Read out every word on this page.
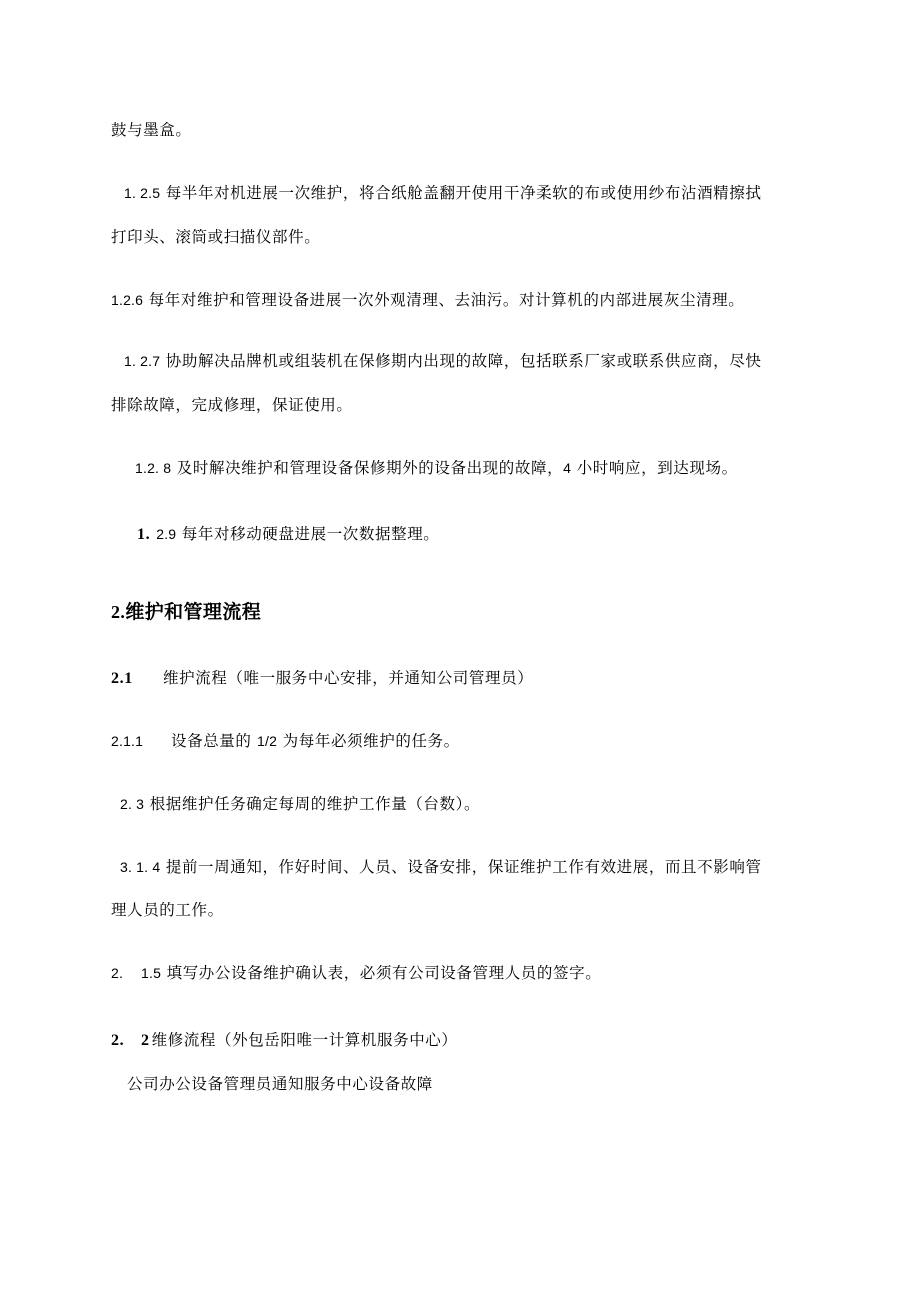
鼓与墨盒。
1. 2.5 每半年对机进展一次维护，将合纸舱盖翻开使用干净柔软的布或使用纱布沾酒精擦拭
打印头、滚筒或扫描仪部件。
1.2.6 每年对维护和管理设备进展一次外观清理、去油污。对计算机的内部进展灰尘清理。
1. 2.7 协助解决品牌机或组装机在保修期内出现的故障，包括联系厂家或联系供应商，尽快
排除故障，完成修理，保证使用。
1.2. 8 及时解决维护和管理设备保修期外的设备出现的故障，4 小时响应，到达现场。
1. 2.9 每年对移动硬盘进展一次数据整理。
2.维护和管理流程
2.1 维护流程（唯一服务中心安排，并通知公司管理员）
2.1.1 设备总量的 1/2 为每年必须维护的任务。
2. 3 根据维护任务确定每周的维护工作量（台数）。
3. 1. 4 提前一周通知，作好时间、人员、设备安排，保证维护工作有效进展，而且不影响管
理人员的工作。
2. 1.5 填写办公设备维护确认表，必须有公司设备管理人员的签字。
2. 2 维修流程（外包岳阳唯一计算机服务中心）
公司办公设备管理员通知服务中心设备故障
